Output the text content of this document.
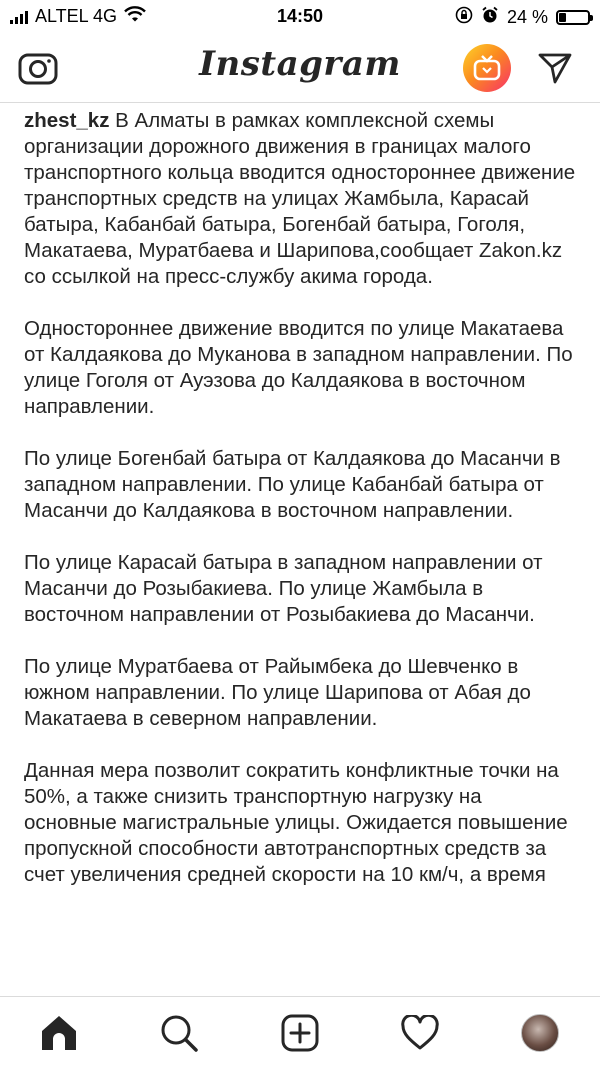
ALTEL 4G	14:50	24 %
Instagram

zhest_kz В Алматы в рамках комплексной схемы организации дорожного движения в границах малого транспортного кольца вводится одностороннее движение транспортных средств на улицах Жамбыла, Карасай батыра, Кабанбай батыра, Богенбай батыра, Гоголя, Макатаева, Муратбаева и Шарипова,сообщает Zakon.kz со ссылкой на пресс-службу акима города.

Одностороннее движение вводится по улице Макатаева от Калдаякова до Муканова в западном направлении. По улице Гоголя от Ауэзова до Калдаякова в восточном направлении.

По улице Богенбай батыра от Калдаякова до Масанчи в западном направлении. По улице Кабанбай батыра от Масанчи до Калдаякова в восточном направлении.

По улице Карасай батыра в западном направлении от Масанчи до Розыбакиева. По улице Жамбыла в восточном направлении от Розыбакиева до Масанчи.

По улице Муратбаева от Райымбека до Шевченко в южном направлении. По улице Шарипова от Абая до Макатаева в северном направлении.

Данная мера позволит сократить конфликтные точки на 50%, а также снизить транспортную нагрузку на основные магистральные улицы. Ожидается повышение пропускной способности автотранспортных средств за счет увеличения средней скорости на 10 км/ч, а время
